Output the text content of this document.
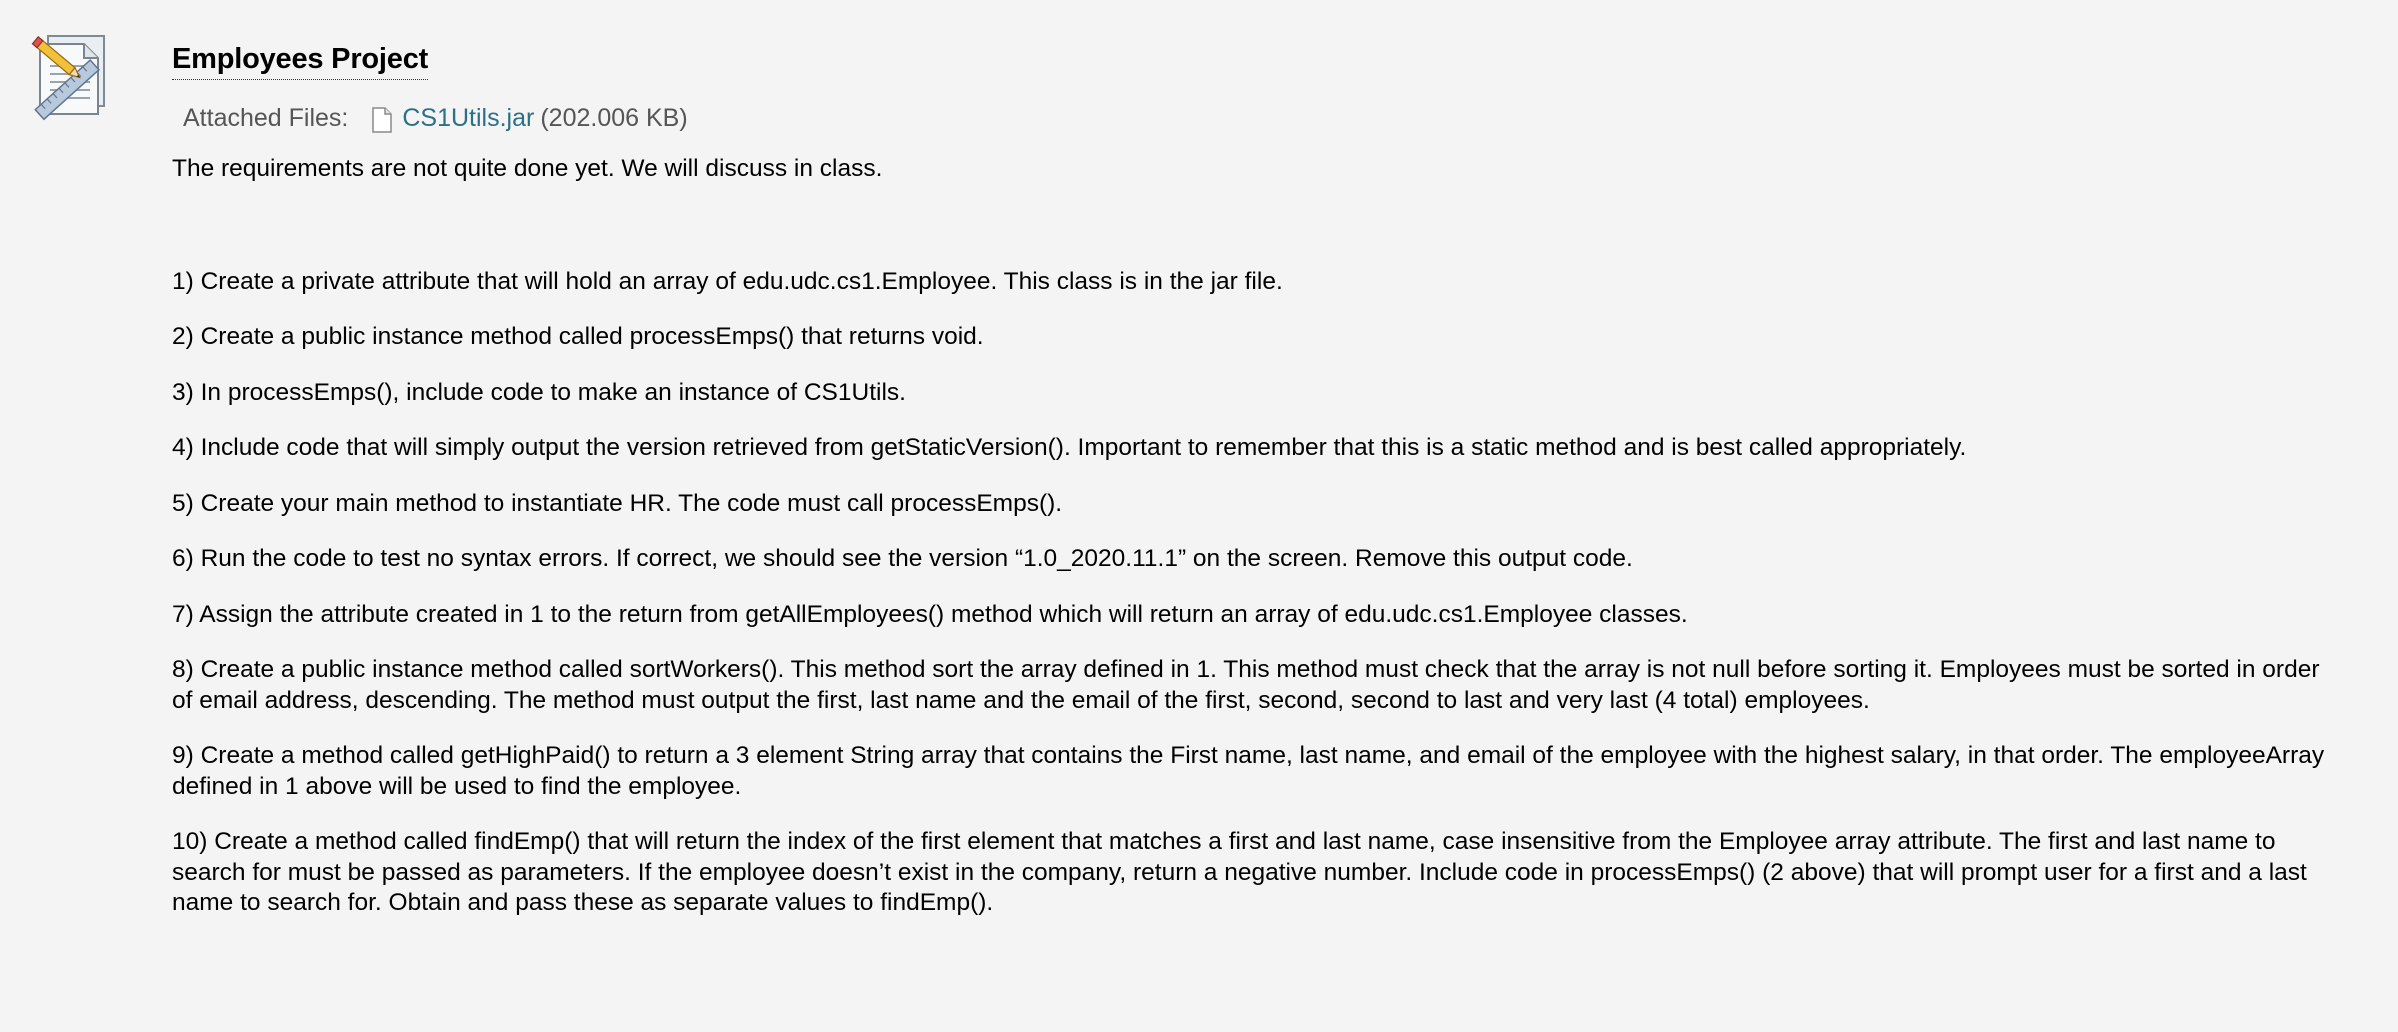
Employees Project
Attached Files: CS1Utils.jar (202.006 KB)

The requirements are not quite done yet. We will discuss in class.

1) Create a private attribute that will hold an array of edu.udc.cs1.Employee. This class is in the jar file.

2) Create a public instance method called processEmps() that returns void.

3) In processEmps(), include code to make an instance of CS1Utils.

4) Include code that will simply output the version retrieved from getStaticVersion(). Important to remember that this is a static method and is best called appropriately.

5) Create your main method to instantiate HR. The code must call processEmps().

6) Run the code to test no syntax errors. If correct, we should see the version “1.0_2020.11.1” on the screen. Remove this output code.

7) Assign the attribute created in 1 to the return from getAllEmployees() method which will return an array of edu.udc.cs1.Employee classes.

8) Create a public instance method called sortWorkers(). This method sort the array defined in 1. This method must check that the array is not null before sorting it. Employees must be sorted in order of email address, descending. The method must output the first, last name and the email of the first, second, second to last and very last (4 total) employees.

9) Create a method called getHighPaid() to return a 3 element String array that contains the First name, last name, and email of the employee with the highest salary, in that order. The employeeArray defined in 1 above will be used to find the employee.

10) Create a method called findEmp() that will return the index of the first element that matches a first and last name, case insensitive from the Employee array attribute. The first and last name to search for must be passed as parameters. If the employee doesn’t exist in the company, return a negative number. Include code in processEmps() (2 above) that will prompt user for a first and a last name to search for. Obtain and pass these as separate values to findEmp().
